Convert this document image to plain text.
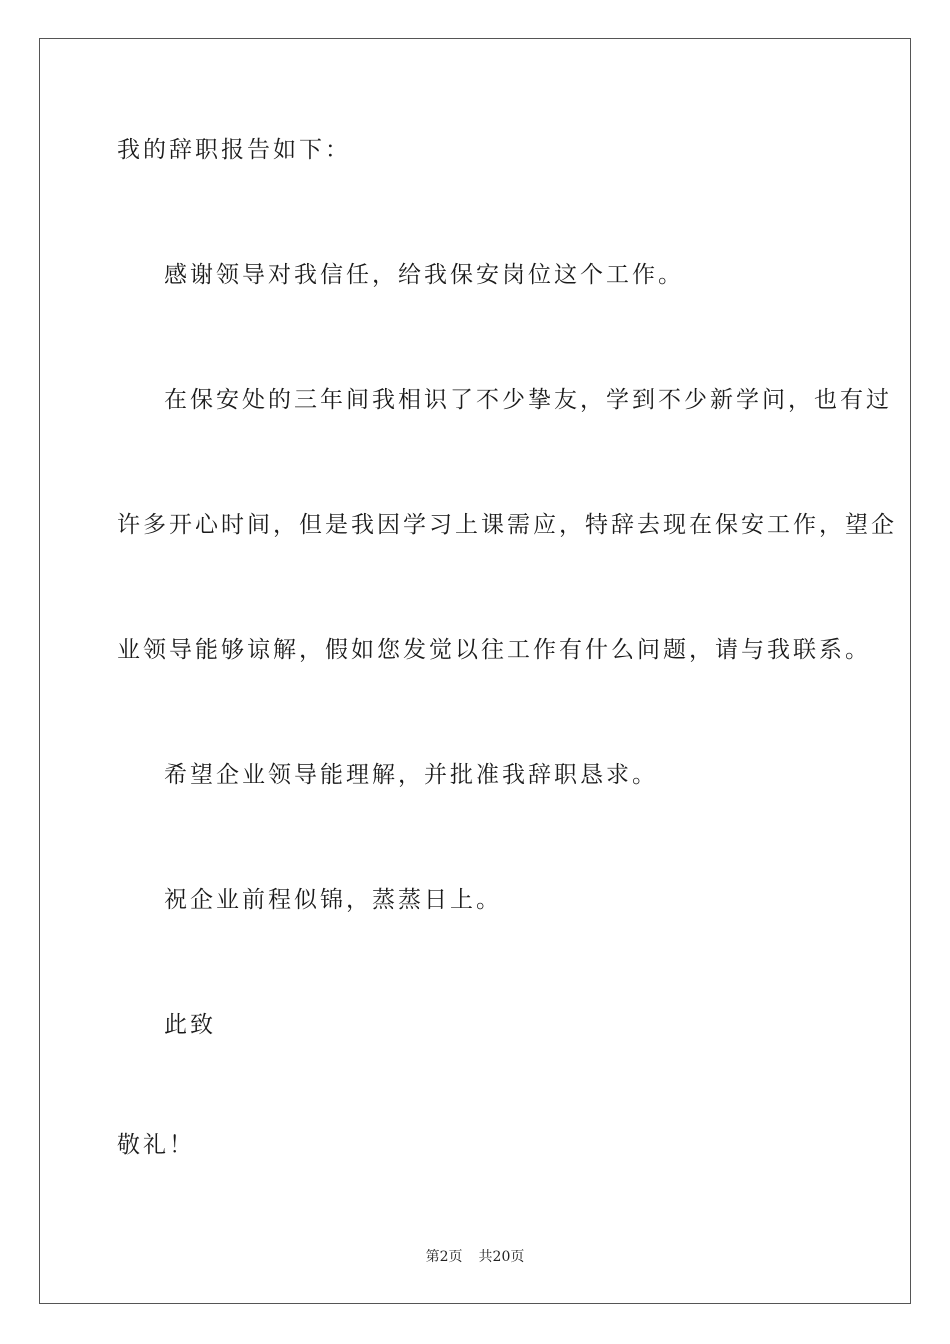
我的辞职报告如下：
感谢领导对我信任，给我保安岗位这个工作。
在保安处的三年间我相识了不少挚友，学到不少新学问，也有过
许多开心时间，但是我因学习上课需应，特辞去现在保安工作，望企
业领导能够谅解，假如您发觉以往工作有什么问题，请与我联系。
希望企业领导能理解，并批准我辞职恳求。
祝企业前程似锦，蒸蒸日上。
此致
敬礼！
第2页 共20页
